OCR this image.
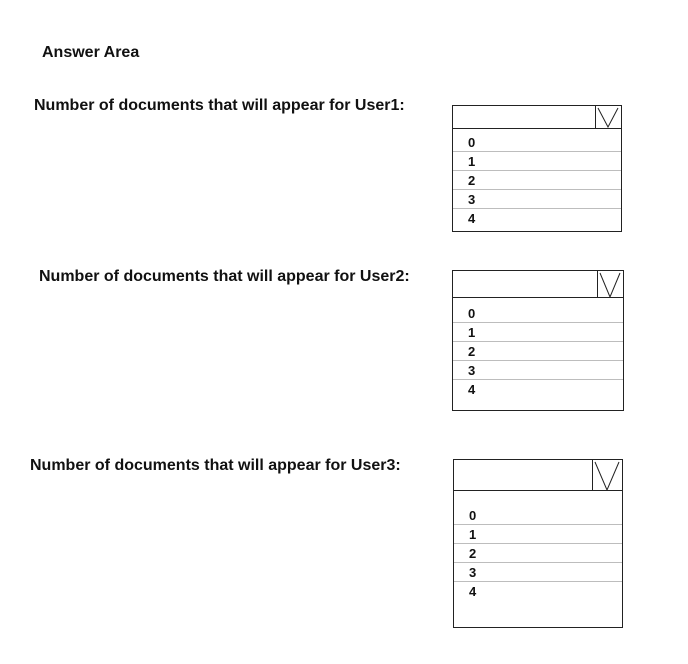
Answer Area
Number of documents that will appear for User1:
0
1
2
3
4
Number of documents that will appear for User2:
0
1
2
3
4
Number of documents that will appear for User3:
0
1
2
3
4
